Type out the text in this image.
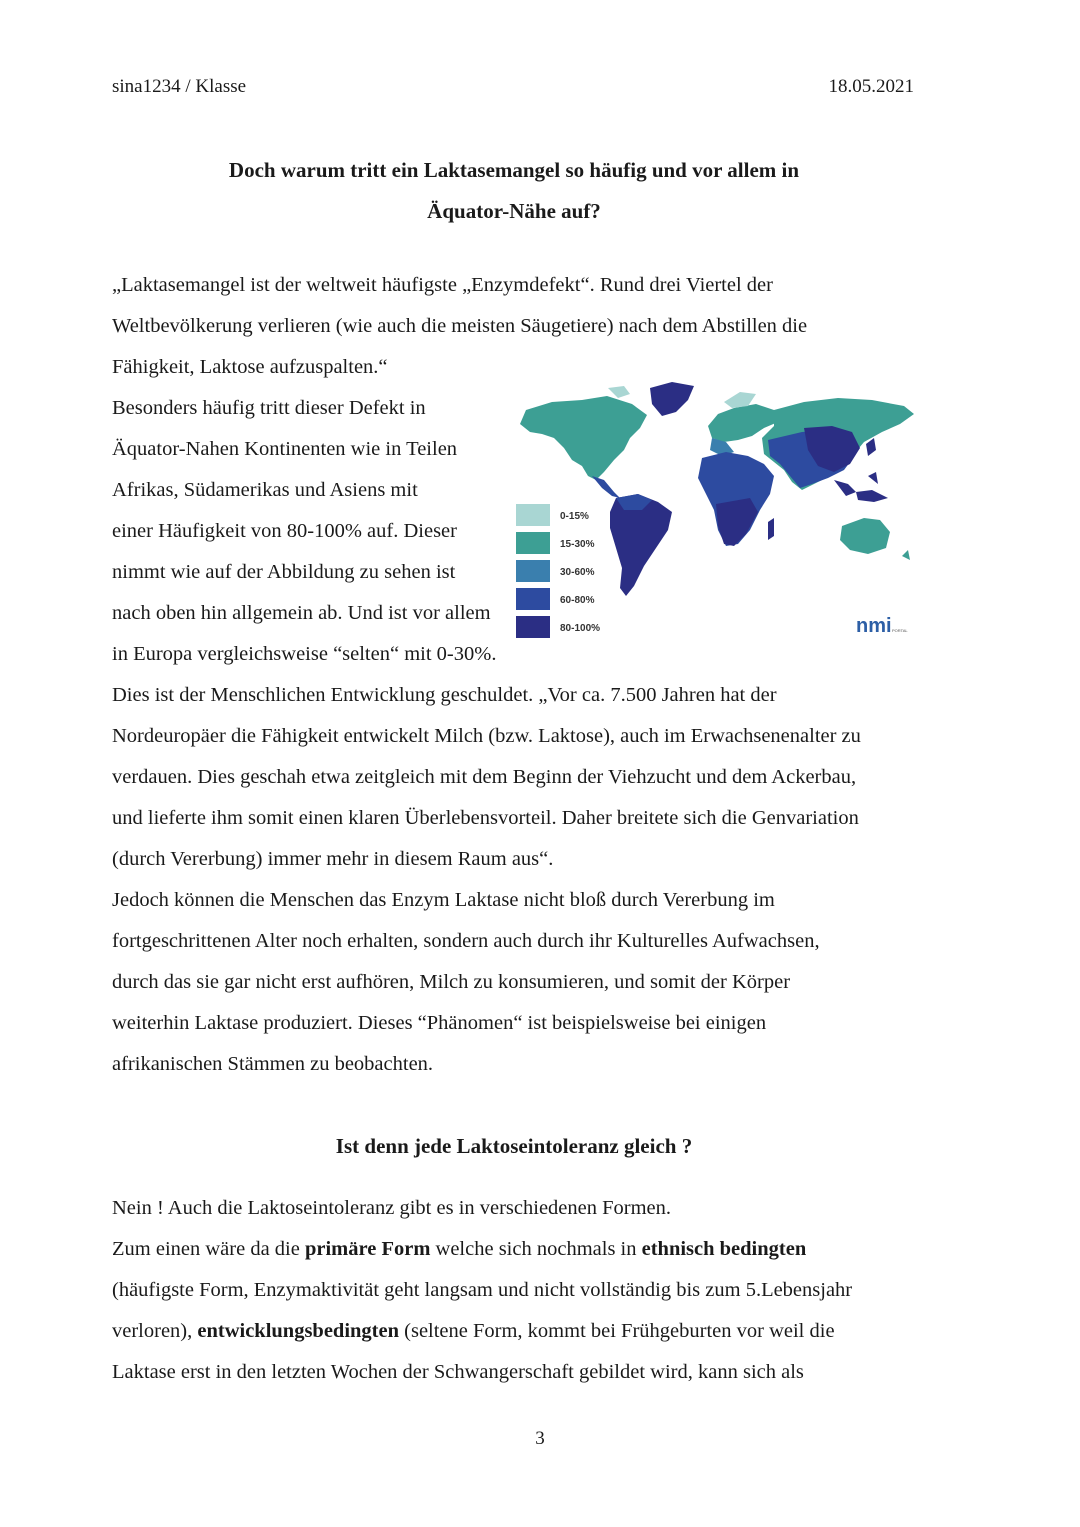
sina1234 / Klasse	18.05.2021
Doch warum tritt ein Laktasemangel so häufig und vor allem in
Äquator-Nähe auf?
„Laktasemangel ist der weltweit häufigste „Enzymdefekt“. Rund drei Viertel der
Weltbevölkerung verlieren (wie auch die meisten Säugetiere) nach dem Abstillen die
Fähigkeit, Laktose aufzuspalten.“
Besonders häufig tritt dieser Defekt in
Äquator-Nahen Kontinenten wie in Teilen
Afrikas, Südamerikas und Asiens mit
einer Häufigkeit von 80-100% auf. Dieser
nimmt wie auf der Abbildung zu sehen ist
nach oben hin allgemein ab. Und ist vor allem
in Europa vergleichsweise “selten“ mit 0-30%.
Dies ist der Menschlichen Entwicklung geschuldet. „Vor ca. 7.500 Jahren hat der
Nordeuropäer die Fähigkeit entwickelt Milch (bzw. Laktose), auch im Erwachsenenalter zu
verdauen. Dies geschah etwa zeitgleich mit dem Beginn der Viehzucht und dem Ackerbau,
und lieferte ihm somit einen klaren Überlebensvorteil. Daher breitete sich die Genvariation
(durch Vererbung) immer mehr in diesem Raum aus“.
Jedoch können die Menschen das Enzym Laktase nicht bloß durch Vererbung im
fortgeschrittenen Alter noch erhalten, sondern auch durch ihr Kulturelles Aufwachsen,
durch das sie gar nicht erst aufhören, Milch zu konsumieren, und somit der Körper
weiterhin Laktase produziert. Dieses “Phänomen“ ist beispielsweise bei einigen
afrikanischen Stämmen zu beobachten.
0-15%
15-30%
30-60%
60-80%
80-100%	nmi PORTAL
Ist denn jede Laktoseintoleranz gleich ?
Nein ! Auch die Laktoseintoleranz gibt es in verschiedenen Formen.
Zum einen wäre da die primäre Form welche sich nochmals in ethnisch bedingten
(häufigste Form, Enzymaktivität geht langsam und nicht vollständig bis zum 5.Lebensjahr
verloren), entwicklungsbedingten (seltene Form, kommt bei Frühgeburten vor weil die
Laktase erst in den letzten Wochen der Schwangerschaft gebildet wird, kann sich als
3
